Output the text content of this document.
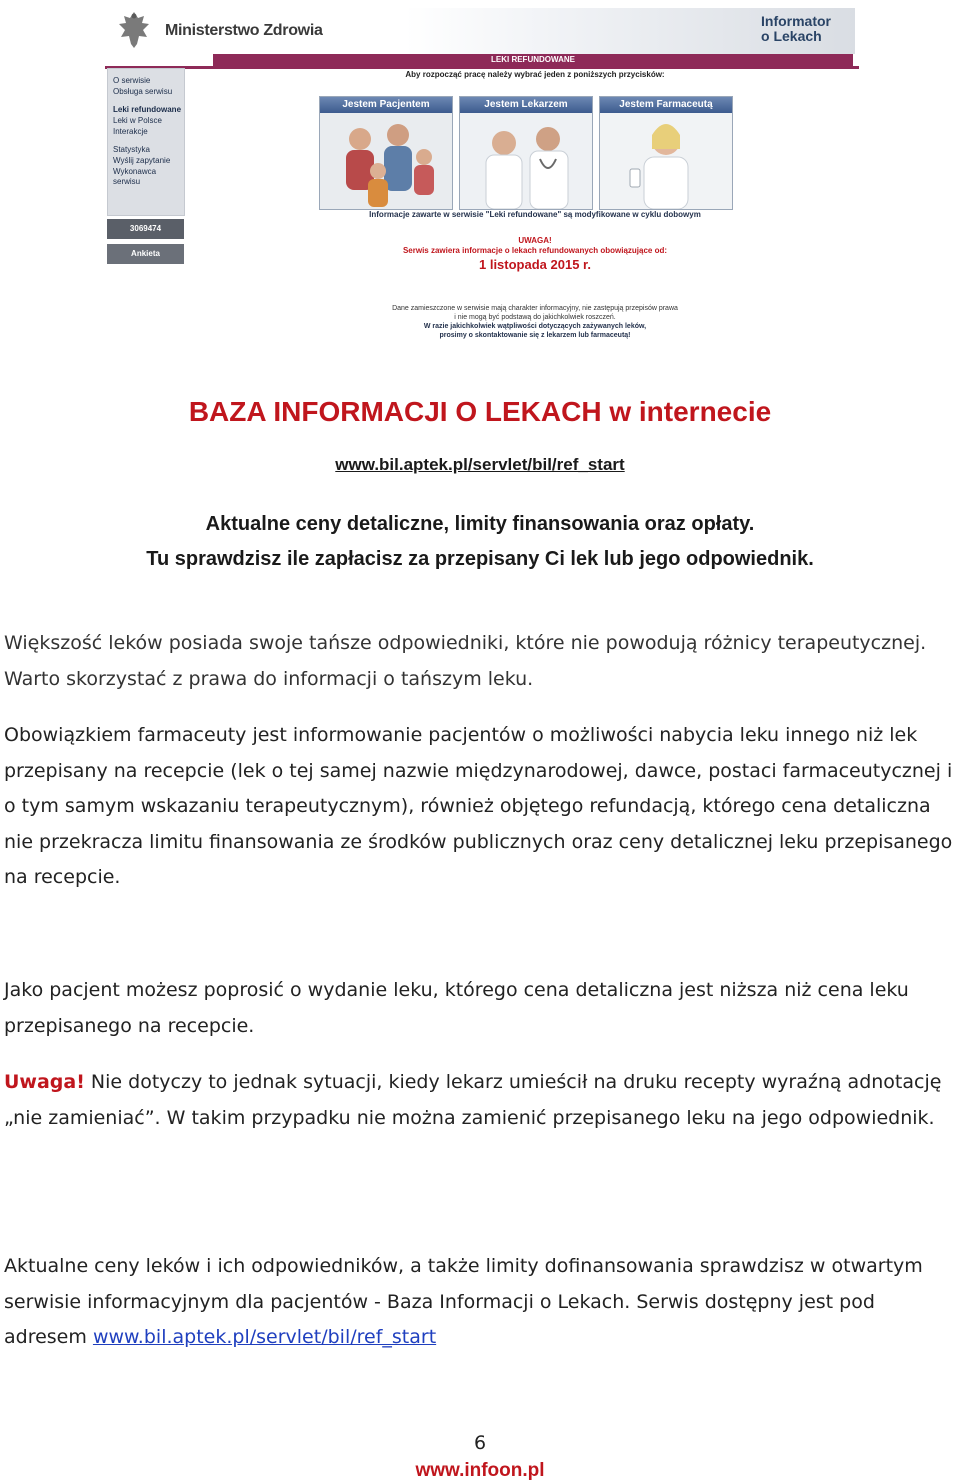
Ministerstwo Zdrowia
Informator
o Lekach
LEKI REFUNDOWANE
O serwisie
Obsługa serwisu
Leki refundowane
Leki w Polsce
Interakcje
Statystyka
Wyślij zapytanie
Wykonawca serwisu
3069474
Ankieta
Aby rozpocząć pracę należy wybrać jeden z poniższych przycisków:
Jestem Pacjentem	Jestem Lekarzem	Jestem Farmaceutą
Informacje zawarte w serwisie "Leki refundowane" są modyfikowane w cyklu dobowym
UWAGA!
Serwis zawiera informacje o lekach refundowanych obowiązujące od:
1 listopada 2015 r.
Dane zamieszczone w serwisie mają charakter informacyjny, nie zastępują przepisów prawa
i nie mogą być podstawą do jakichkolwiek roszczeń.
W razie jakichkolwiek wątpliwości dotyczących zażywanych leków,
prosimy o skontaktowanie się z lekarzem lub farmaceutą!
BAZA INFORMACJI O LEKACH w internecie
www.bil.aptek.pl/servlet/bil/ref_start
Aktualne ceny detaliczne, limity finansowania oraz opłaty.
Tu sprawdzisz ile zapłacisz za przepisany Ci lek lub jego odpowiednik.

Większość leków posiada swoje tańsze odpowiedniki, które nie powodują różnicy terapeutycznej. Warto skorzystać z prawa do informacji o tańszym leku.

Obowiązkiem farmaceuty jest informowanie pacjentów o możliwości nabycia leku innego niż lek przepisany na recepcie (lek o tej samej nazwie międzynarodowej, dawce, postaci farmaceutycznej i o tym samym wskazaniu terapeutycznym), również objętego refundacją, którego cena detaliczna nie przekracza limitu finansowania ze środków publicznych oraz ceny detalicznej leku przepisanego na recepcie.

Jako pacjent możesz poprosić o wydanie leku, którego cena detaliczna jest niższa niż cena leku przepisanego na recepcie.

Uwaga! Nie dotyczy to jednak sytuacji, kiedy lekarz umieścił na druku recepty wyraźną adnotację „nie zamieniać”. W takim przypadku nie można zamienić przepisanego leku na jego odpowiednik.

Aktualne ceny leków i ich odpowiedników, a także limity dofinansowania sprawdzisz w otwartym serwisie informacyjnym dla pacjentów - Baza Informacji o Lekach. Serwis dostępny jest pod adresem www.bil.aptek.pl/servlet/bil/ref_start

6
www.infoon.pl
